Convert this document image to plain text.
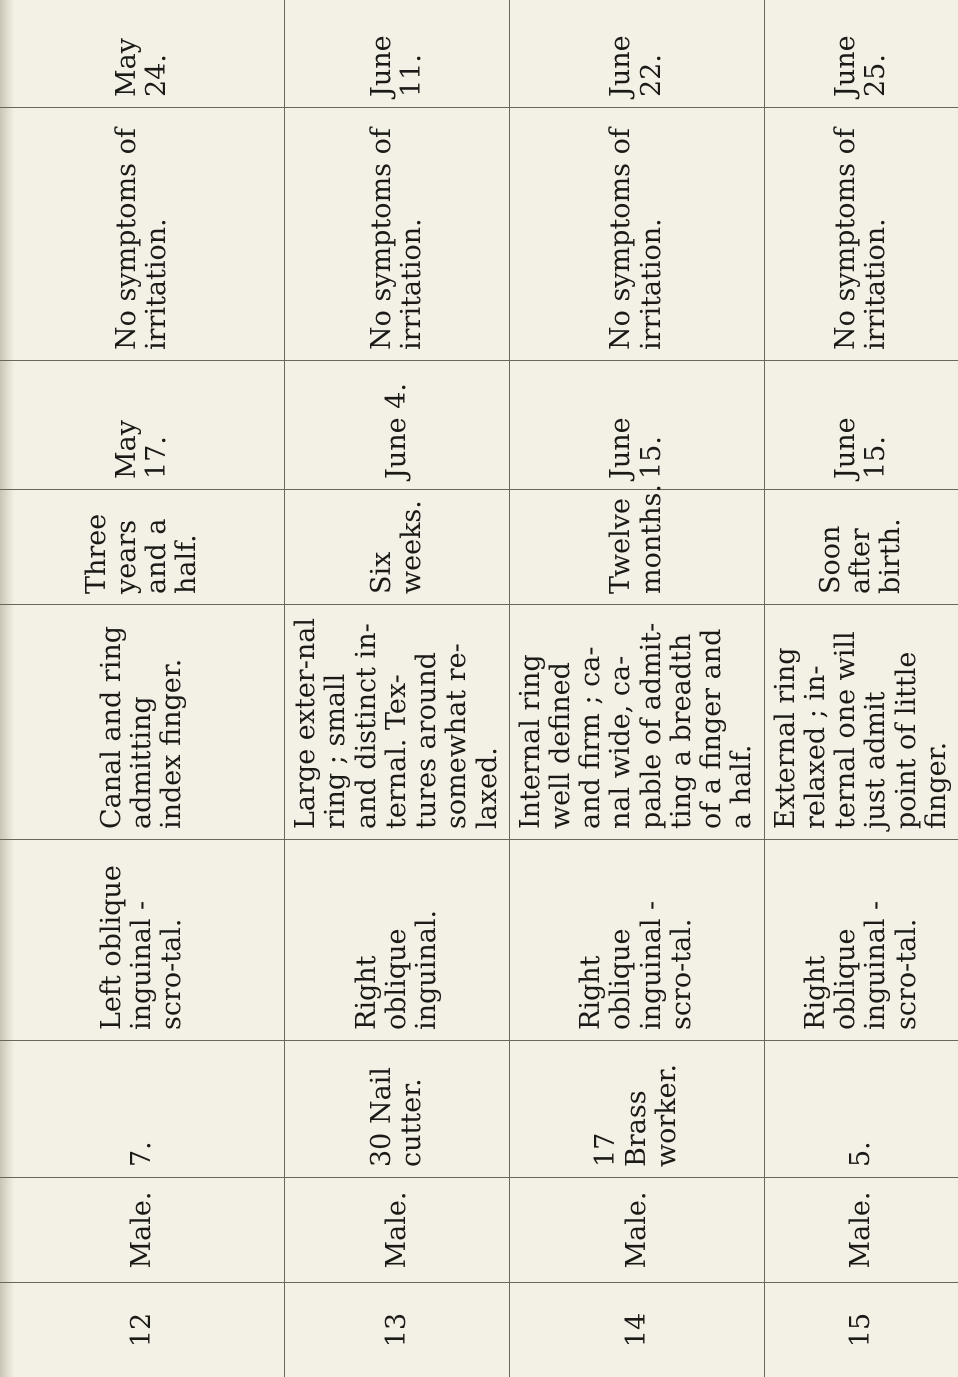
12	Male.	7.	Left oblique inguinal - scro-tal.	Canal and ring admitting index finger.	Three years and a half.	May 17.	No symptoms of irritation.	May 24.	
13	Male.	30 Nail cutter.	Right oblique inguinal.	Large exter-nal ring ; small and distinct in-ternal. Tex-tures around somewhat re-laxed.	Six weeks.	June 4.	No symptoms of irritation.	June 11.	
14	Male.	17 Brass worker.	Right oblique inguinal - scro-tal.	Internal ring well defined and firm ; ca-nal wide, ca-pable of admit-ting a breadth of a finger and a half.	Twelve months.	June 15.	No symptoms of irritation.	June 22.	
15	Male.	5.	Right oblique inguinal - scro-tal.	External ring relaxed ; in-ternal one will just admit point of little finger.	Soon after birth.	June 15.	No symptoms of irritation.	June 25.	
